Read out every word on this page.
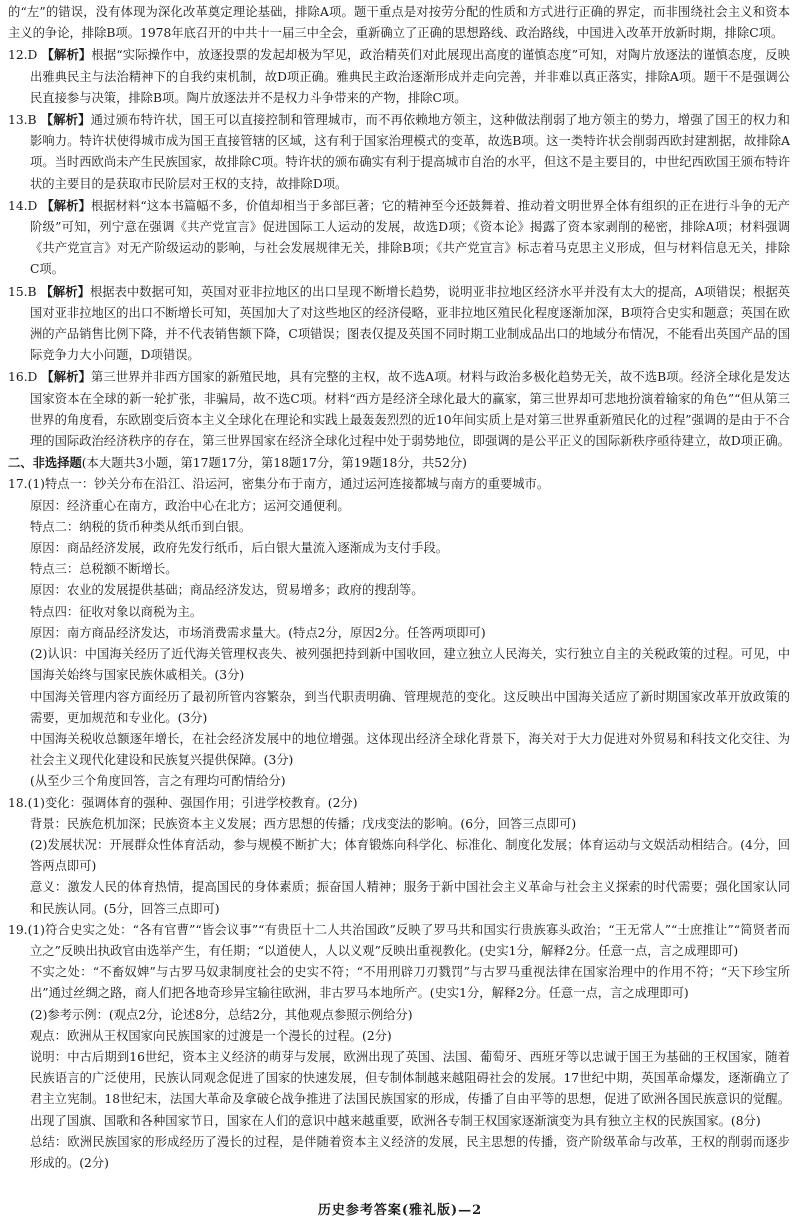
的“左”的错误，没有体现为深化改革奠定理论基础，排除A项。题干重点是对按劳分配的性质和方式进行正确的界定，而非围绕社会主义和资本主义的争论，排除B项。1978年底召开的中共十一届三中全会，重新确立了正确的思想路线、政治路线，中国进入改革开放新时期，排除C项。

12.D 【解析】根据“实际操作中，放逐投票的发起却极为罕见，政治精英们对此展现出高度的谨慎态度”可知，对陶片放逐法的谨慎态度，反映出雅典民主与法治精神下的自我约束机制，故D项正确。雅典民主政治逐渐形成并走向完善，并非难以真正落实，排除A项。题干不是强调公民直接参与决策，排除B项。陶片放逐法并不是权力斗争带来的产物，排除C项。

13.B 【解析】通过颁布特许状，国王可以直接控制和管理城市，而不再依赖地方领主，这种做法削弱了地方领主的势力，增强了国王的权力和影响力。特许状使得城市成为国王直接管辖的区域，这有利于国家治理模式的变革，故选B项。这一类特许状会削弱西欧封建割据，故排除A项。当时西欧尚未产生民族国家，故排除C项。特许状的颁布确实有利于提高城市自治的水平，但这不是主要目的，中世纪西欧国王颁布特许状的主要目的是获取市民阶层对王权的支持，故排除D项。

14.D 【解析】根据材料“这本书篇幅不多，价值却相当于多部巨著；它的精神至今还鼓舞着、推动着文明世界全体有组织的正在进行斗争的无产阶级”可知，列宁意在强调《共产党宣言》促进国际工人运动的发展，故选D项；《资本论》揭露了资本家剥削的秘密，排除A项；材料强调《共产党宣言》对无产阶级运动的影响，与社会发展规律无关，排除B项；《共产党宣言》标志着马克思主义形成，但与材料信息无关，排除C项。

15.B 【解析】根据表中数据可知，英国对亚非拉地区的出口呈现不断增长趋势，说明亚非拉地区经济水平并没有太大的提高，A项错误；根据英国对亚非拉地区的出口不断增长可知，英国加大了对这些地区的经济侵略，亚非拉地区殖民化程度逐渐加深，B项符合史实和题意；英国在欧洲的产品销售比例下降，并不代表销售额下降，C项错误；图表仅提及英国不同时期工业制成品出口的地域分布情况，不能看出英国产品的国际竞争力大小问题，D项错误。

16.D 【解析】第三世界并非西方国家的新殖民地，具有完整的主权，故不选A项。材料与政治多极化趋势无关，故不选B项。经济全球化是发达国家资本在全球的新一轮扩张，非骗局，故不选C项。材料“西方是经济全球化最大的赢家，第三世界却可悲地扮演着输家的角色”“但从第三世界的角度看，东欧剧变后资本主义全球化在理论和实践上最轰轰烈烈的近10年间实质上是对第三世界重新殖民化的过程”强调的是由于不合理的国际政治经济秩序的存在，第三世界国家在经济全球化过程中处于弱势地位，即强调的是公平正义的国际新秩序亟待建立，故D项正确。

二、非选择题(本大题共3小题，第17题17分，第18题17分，第19题18分，共52分)

17.(1)特点一：钞关分布在沿江、沿运河，密集分布于南方，通过运河连接都城与南方的重要城市。

原因：经济重心在南方，政治中心在北方；运河交通便利。

特点二：纳税的货币种类从纸币到白银。

原因：商品经济发展，政府先发行纸币，后白银大量流入逐渐成为支付手段。

特点三：总税额不断增长。

原因：农业的发展提供基础；商品经济发达，贸易增多；政府的搜刮等。

特点四：征收对象以商税为主。

原因：南方商品经济发达，市场消费需求量大。(特点2分，原因2分。任答两项即可)

(2)认识：中国海关经历了近代海关管理权丧失、被列强把持到新中国收回，建立独立人民海关，实行独立自主的关税政策的过程。可见，中国海关始终与国家民族休戚相关。(3分)

中国海关管理内容方面经历了最初所管内容繁杂，到当代职责明确、管理规范的变化。这反映出中国海关适应了新时期国家改革开放政策的需要，更加规范和专业化。(3分)

中国海关税收总额逐年增长，在社会经济发展中的地位增强。这体现出经济全球化背景下，海关对于大力促进对外贸易和科技文化交往、为社会主义现代化建设和民族复兴提供保障。(3分)

(从至少三个角度回答，言之有理均可酌情给分)

18.(1)变化：强调体育的强种、强国作用；引进学校教育。(2分)

背景：民族危机加深；民族资本主义发展；西方思想的传播；戊戌变法的影响。(6分，回答三点即可)

(2)发展状况：开展群众性体育活动，参与规模不断扩大；体育锻炼向科学化、标准化、制度化发展；体育运动与文娱活动相结合。(4分，回答两点即可)

意义：激发人民的体育热情，提高国民的身体素质；振奋国人精神；服务于新中国社会主义革命与社会主义探索的时代需要；强化国家认同和民族认同。(5分，回答三点即可)

19.(1)符合史实之处：“各有官曹”“皆会议事”“有贵臣十二人共治国政”反映了罗马共和国实行贵族寡头政治；“王无常人”“士庶推让”“简贤者而立之”反映出执政官由选举产生，有任期；“以道使人，人以义观”反映出重视教化。(史实1分，解释2分。任意一点，言之成理即可)

不实之处：“不畜奴婢”与古罗马奴隶制度社会的史实不符；“不用刑辟刀刃戮罚”与古罗马重视法律在国家治理中的作用不符；“天下珍宝所出”通过丝绸之路，商人们把各地奇珍异宝输往欧洲，非古罗马本地所产。(史实1分，解释2分。任意一点，言之成理即可)

(2)参考示例：(观点2分，论述8分，总结2分，其他观点参照示例给分)

观点：欧洲从王权国家向民族国家的过渡是一个漫长的过程。(2分)

说明：中古后期到16世纪，资本主义经济的萌芽与发展，欧洲出现了英国、法国、葡萄牙、西班牙等以忠诚于国王为基础的王权国家，随着民族语言的广泛使用，民族认同观念促进了国家的快速发展，但专制体制越来越阻碍社会的发展。17世纪中期，英国革命爆发，逐渐确立了君主立宪制。18世纪末，法国大革命及拿破仑战争推进了法国民族国家的形成，传播了自由平等的思想，促进了欧洲各国民族意识的觉醒。出现了国旗、国歌和各种国家节日，国家在人们的意识中越来越重要，欧洲各专制王权国家逐渐演变为具有独立主权的民族国家。(8分)

总结：欧洲民族国家的形成经历了漫长的过程，是伴随着资本主义经济的发展，民主思想的传播，资产阶级革命与改革，王权的削弱而逐步形成的。(2分)

历史参考答案(雅礼版)—2
